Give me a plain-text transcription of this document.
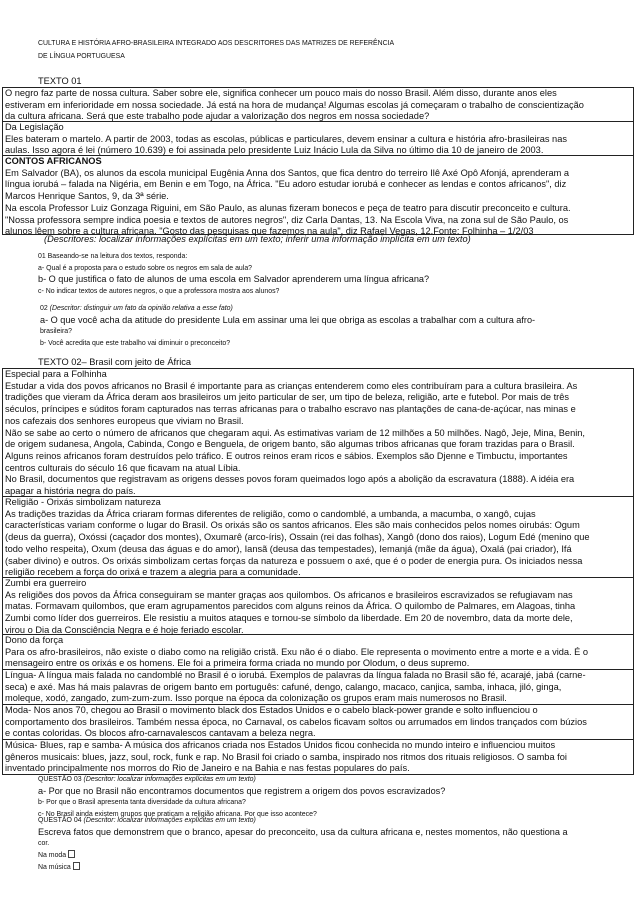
CULTURA E HISTÓRIA AFRO-BRASILEIRA INTEGRADO AOS DESCRITORES DAS MATRIZES DE REFERÊNCIA
DE LÍNGUA PORTUGUESA
TEXTO 01
O negro faz parte de nossa cultura. Saber sobre ele, significa conhecer um pouco mais do nosso Brasil. Além disso, durante anos eles
estiveram em inferioridade em nossa sociedade. Já está na hora de mudança! Algumas escolas já começaram o trabalho de conscientização
da cultura africana. Será que este trabalho pode ajudar a valorização dos negros em nossa sociedade?
Da Legislação
Eles bateram o martelo. A partir de 2003, todas as escolas, públicas e particulares, devem ensinar a cultura e história afro-brasileiras nas
aulas. Isso agora é lei (número 10.639) e foi assinada pelo presidente Luiz Inácio Lula da Silva no último dia 10 de janeiro de 2003.
CONTOS AFRICANOS
Em Salvador (BA), os alunos da escola municipal Eugênia Anna dos Santos, que fica dentro do terreiro Ilê Axé Opô Afonjá, aprenderam a
língua iorubá – falada na Nigéria, em Benin e em Togo, na África. "Eu adoro estudar iorubá e conhecer as lendas e contos africanos", diz
Marcos Henrique Santos, 9, da 3ª série.
Na escola Professor Luiz Gonzaga Riguini, em São Paulo, as alunas fizeram bonecos e peça de teatro para discutir preconceito e cultura.
"Nossa professora sempre indica poesia e textos de autores negros", diz Carla Dantas, 13. Na Escola Viva, na zona sul de São Paulo, os
alunos lêem sobre a cultura africana. "Gosto das pesquisas que fazemos na aula", diz Rafael Vegas, 12.Fonte: Folhinha – 1/2/03
(Descritores: localizar informações explícitas em um texto; inferir uma informação implícita em um texto)
01 Baseando-se na leitura dos textos, responda:
a- Qual é a proposta para o estudo sobre os negros em sala de aula?
b- O que justifica o fato de alunos de uma escola em Salvador aprenderem uma língua africana?
c- No indicar textos de autores negros, o que a professora mostra aos alunos?
02 (Descritor: distinguir um fato da opinião relativa a esse fato)
a- O que você acha da atitude do presidente Lula em assinar uma lei que obriga as escolas a trabalhar com a cultura afro-
brasileira?
b- Você acredita que este trabalho vai diminuir o preconceito?
TEXTO 02– Brasil com jeito de África
Especial para a Folhinha
Estudar a vida dos povos africanos no Brasil é importante para as crianças entenderem como eles contribuíram para a cultura brasileira. As
tradições que vieram da África deram aos brasileiros um jeito particular de ser, um tipo de beleza, religião, arte e futebol. Por mais de três
séculos, príncipes e súditos foram capturados nas terras africanas para o trabalho escravo nas plantações de cana-de-açúcar, nas minas e
nos cafezais dos senhores europeus que viviam no Brasil.
Não se sabe ao certo o número de africanos que chegaram aqui. As estimativas variam de 12 milhões a 50 milhões. Nagô, Jeje, Mina, Benin,
de origem sudanesa, Angola, Cabinda, Congo e Benguela, de origem banto, são algumas tribos africanas que foram trazidas para o Brasil.
Alguns reinos africanos foram destruídos pelo tráfico. E outros reinos eram ricos e sábios. Exemplos são Djenne e Timbuctu, importantes
centros culturais do século 16 que ficavam na atual Líbia.
No Brasil, documentos que registravam as origens desses povos foram queimados logo após a abolição da escravatura (1888). A idéia era
apagar a história negra do país.
Religião - Orixás simbolizam natureza
As tradições trazidas da África criaram formas diferentes de religião, como o candomblé, a umbanda, a macumba, o xangô, cujas
características variam conforme o lugar do Brasil. Os orixás são os santos africanos. Eles são mais conhecidos pelos nomes oirubás: Ogum
(deus da guerra), Oxóssi (caçador dos montes), Oxumarê (arco-íris), Ossain (rei das folhas), Xangô (dono dos raios), Logum Edé (menino que
todo velho respeita), Oxum (deusa das águas e do amor), Iansã (deusa das tempestades), Iemanjá (mãe da água), Oxalá (pai criador), Ifá
(saber divino) e outros. Os orixás simbolizam certas forças da natureza e possuem o axé, que é o poder de energia pura. Os iniciados nessa
religião recebem a força do orixá e trazem a alegria para a comunidade.
Zumbi era guerreiro
As religiões dos povos da África conseguiram se manter graças aos quilombos. Os africanos e brasileiros escravizados se refugiavam nas
matas. Formavam quilombos, que eram agrupamentos parecidos com alguns reinos da África. O quilombo de Palmares, em Alagoas, tinha
Zumbi como líder dos guerreiros. Ele resistiu a muitos ataques e tornou-se símbolo da liberdade. Em 20 de novembro, data da morte dele,
virou o Dia da Consciência Negra e é hoje feriado escolar.
Dono da força
Para os afro-brasileiros, não existe o diabo como na religião cristã. Exu não é o diabo. Ele representa o movimento entre a morte e a vida. É o
mensageiro entre os orixás e os homens. Ele foi a primeira forma criada no mundo por Olodum, o deus supremo.
Língua- A língua mais falada no candomblé no Brasil é o iorubá. Exemplos de palavras da língua falada no Brasil são fé, acarajé, jabá (carne-
seca) e axé. Mas há mais palavras de origem banto em português: cafuné, dengo, calango, macaco, canjica, samba, inhaca, jiló, ginga,
moleque, xodó, zangado, zum-zum-zum. Isso porque na época da colonização os grupos eram mais numerosos no Brasil.
Moda- Nos anos 70, chegou ao Brasil o movimento black dos Estados Unidos e o cabelo black-power grande e solto influenciou o
comportamento dos brasileiros. Também nessa época, no Carnaval, os cabelos ficavam soltos ou arrumados em lindos trançados com búzios
e contas coloridas. Os blocos afro-carnavalescos cantavam a beleza negra.
Música- Blues, rap e samba- A música dos africanos criada nos Estados Unidos ficou conhecida no mundo inteiro e influenciou muitos
gêneros musicais: blues, jazz, soul, rock, funk e rap. No Brasil foi criado o samba, inspirado nos ritmos dos rituais religiosos. O samba foi
inventado principalmente nos morros do Rio de Janeiro e na Bahia e nas festas populares do país.
QUESTÃO 03 (Descritor: localizar informações explícitas em um texto)
a- Por que no Brasil não encontramos documentos que registrem a origem dos povos escravizados?
b- Por que o Brasil apresenta tanta diversidade da cultura africana?
c- No Brasil ainda existem grupos que praticam a religião africana. Por que isso acontece?
QUESTÃO 04 (Descritor: localizar informações explícitas em um texto)
Escreva fatos que demonstrem que o branco, apesar do preconceito, usa da cultura africana e, nestes momentos, não questiona a
cor.
Na moda
Na música
